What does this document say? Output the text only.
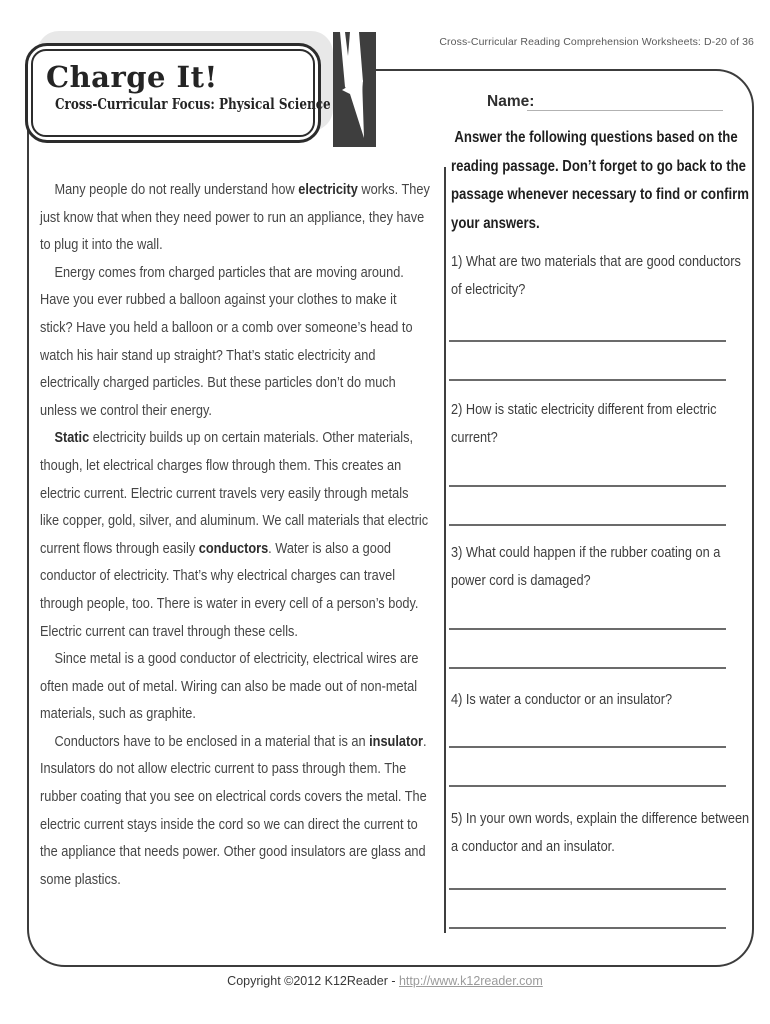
Cross-Curricular Reading Comprehension Worksheets: D-20 of 36
Charge It!
Cross-Curricular Focus: Physical Science	Name:
Answer the following questions based on the reading passage. Don’t forget to go back to the passage whenever necessary to find or confirm your answers.

Many people do not really understand how electricity works. They just know that when they need power to run an appliance, they have to plug it into the wall.

Energy comes from charged particles that are moving around. Have you ever rubbed a balloon against your clothes to make it stick? Have you held a balloon or a comb over someone’s head to watch his hair stand up straight? That’s static electricity and electrically charged particles. But these particles don’t do much unless we control their energy.

Static electricity builds up on certain materials. Other materials, though, let electrical charges flow through them. This creates an electric current. Electric current travels very easily through metals like copper, gold, silver, and aluminum. We call materials that electric current flows through easily conductors. Water is also a good conductor of electricity. That’s why electrical charges can travel through people, too. There is water in every cell of a person’s body. Electric current can travel through these cells.

Since metal is a good conductor of electricity, electrical wires are often made out of metal. Wiring can also be made out of non-metal materials, such as graphite.

Conductors have to be enclosed in a material that is an insulator. Insulators do not allow electric current to pass through them. The rubber coating that you see on electrical cords covers the metal. The electric current stays inside the cord so we can direct the current to the appliance that needs power. Other good insulators are glass and some plastics.

1) What are two materials that are good conductors of electricity?
2) How is static electricity different from electric current?
3) What could happen if the rubber coating on a power cord is damaged?
4) Is water a conductor or an insulator?
5) In your own words, explain the difference between a conductor and an insulator.
Copyright ©2012 K12Reader - http://www.k12reader.com
